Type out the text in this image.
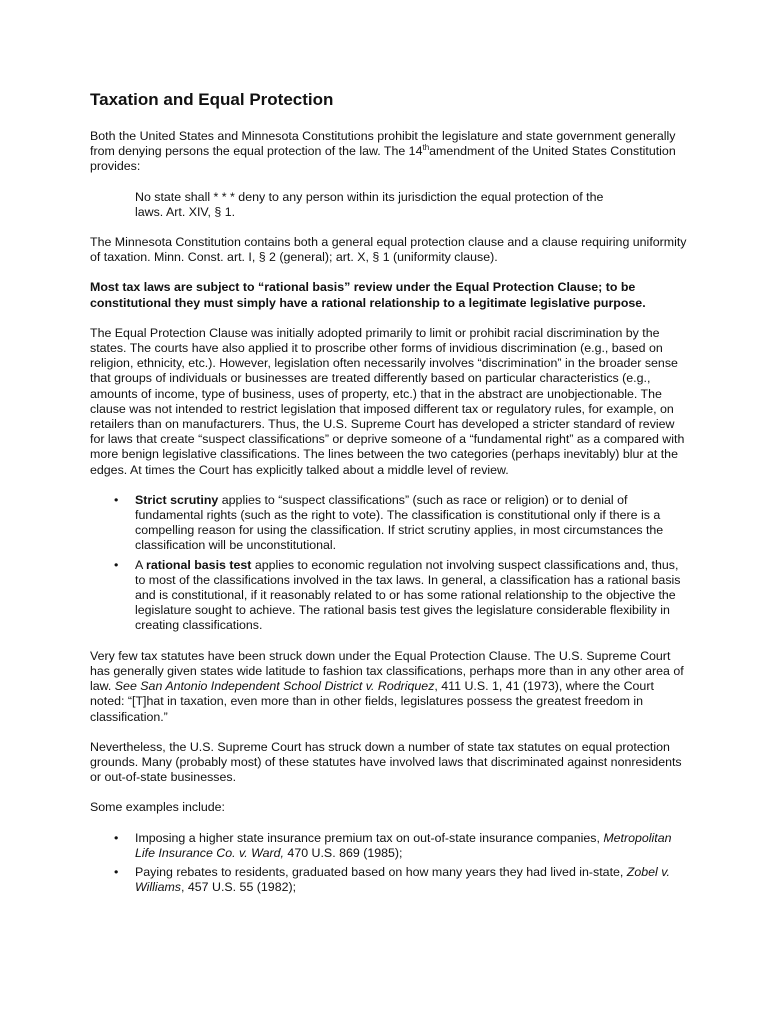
Taxation and Equal Protection

Both the United States and Minnesota Constitutions prohibit the legislature and state government generally from denying persons the equal protection of the law. The 14thamendment of the United States Constitution provides:

No state shall * * * deny to any person within its jurisdiction the equal protection of the laws. Art. XIV, § 1.

The Minnesota Constitution contains both a general equal protection clause and a clause requiring uniformity of taxation. Minn. Const. art. I, § 2 (general); art. X, § 1 (uniformity clause).

Most tax laws are subject to “rational basis” review under the Equal Protection Clause; to be constitutional they must simply have a rational relationship to a legitimate legislative purpose.

The Equal Protection Clause was initially adopted primarily to limit or prohibit racial discrimination by the states. The courts have also applied it to proscribe other forms of invidious discrimination (e.g., based on religion, ethnicity, etc.). However, legislation often necessarily involves “discrimination” in the broader sense that groups of individuals or businesses are treated differently based on particular characteristics (e.g., amounts of income, type of business, uses of property, etc.) that in the abstract are unobjectionable. The clause was not intended to restrict legislation that imposed different tax or regulatory rules, for example, on retailers than on manufacturers. Thus, the U.S. Supreme Court has developed a stricter standard of review for laws that create “suspect classifications” or deprive someone of a “fundamental right” as a compared with more benign legislative classifications. The lines between the two categories (perhaps inevitably) blur at the edges. At times the Court has explicitly talked about a middle level of review.

• Strict scrutiny applies to “suspect classifications” (such as race or religion) or to denial of fundamental rights (such as the right to vote). The classification is constitutional only if there is a compelling reason for using the classification. If strict scrutiny applies, in most circumstances the classification will be unconstitutional.
• A rational basis test applies to economic regulation not involving suspect classifications and, thus, to most of the classifications involved in the tax laws. In general, a classification has a rational basis and is constitutional, if it reasonably related to or has some rational relationship to the objective the legislature sought to achieve. The rational basis test gives the legislature considerable flexibility in creating classifications.

Very few tax statutes have been struck down under the Equal Protection Clause. The U.S. Supreme Court has generally given states wide latitude to fashion tax classifications, perhaps more than in any other area of law. See San Antonio Independent School District v. Rodriquez, 411 U.S. 1, 41 (1973), where the Court noted: “[T]hat in taxation, even more than in other fields, legislatures possess the greatest freedom in classification.”

Nevertheless, the U.S. Supreme Court has struck down a number of state tax statutes on equal protection grounds. Many (probably most) of these statutes have involved laws that discriminated against nonresidents or out-of-state businesses.

Some examples include:

• Imposing a higher state insurance premium tax on out-of-state insurance companies, Metropolitan Life Insurance Co. v. Ward, 470 U.S. 869 (1985);
• Paying rebates to residents, graduated based on how many years they had lived in-state, Zobel v. Williams, 457 U.S. 55 (1982);
